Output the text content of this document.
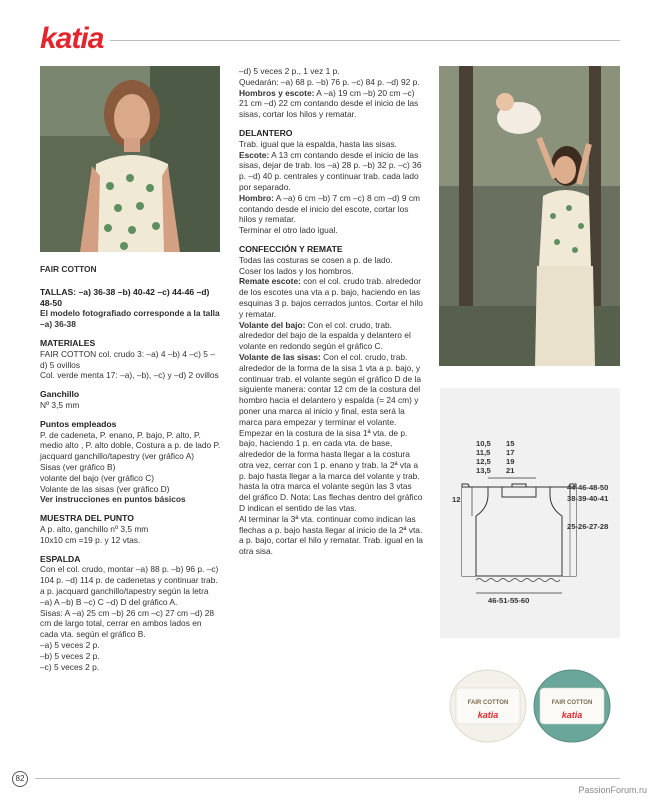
katia

FAIR COTTON

TALLAS: –a) 36-38 –b) 40-42 –c) 44-46 –d) 48-50

El modelo fotografiado corresponde a la talla –a) 36-38

MATERIALES

FAIR COTTON col. crudo 3: –a) 4 –b) 4 –c) 5 –d) 5 ovillos

Col. verde menta 17: –a), –b), –c) y –d) 2 ovillos

Ganchillo

Nº 3,5 mm

Puntos empleados

P. de cadeneta, P. enano, P. bajo, P. alto, P. medio alto , P. alto doble, Costura a p. de lado P. jacquard ganchillo/tapestry (ver gráfico A)

Sisas (ver gráfico B)

volante del bajo (ver gráfico C)

Volante de las sisas (ver gráfico D)

Ver instrucciones en puntos básicos

MUESTRA DEL PUNTO

A p. alto, ganchillo nº 3,5 mm

10x10 cm =19 p. y 12 vtas.

ESPALDA

Con el col. crudo, montar –a) 88 p. –b) 96 p. –c) 104 p. –d) 114 p. de cadenetas y continuar trab. a p. jacquard ganchillo/tapestry según la letra

–a) A –b) B –c) C –d) D del gráfico A.

Sisas: A –a) 25 cm –b) 26 cm –c) 27 cm –d) 28 cm de largo total, cerrar en ambos lados en cada vta. según el gráfico B.

–a) 5 veces 2 p.

–b) 5 veces 2 p.

–c) 5 veces 2 p.

–d) 5 veces 2 p., 1 vez 1 p.

Quedarán: –a) 68 p. –b) 76 p. –c) 84 p. –d) 92 p.

Hombros y escote: A –a) 19 cm –b) 20 cm –c) 21 cm –d) 22 cm contando desde el inicio de las sisas, cortar los hilos y rematar.

DELANTERO

Trab. igual que la espalda, hasta las sisas.

Escote: A 13 cm contando desde el inicio de las sisas, dejar de trab. los –a) 28 p. –b) 32 p. –c) 36 p. –d) 40 p. centrales y continuar trab. cada lado por separado.

Hombro: A –a) 6 cm –b) 7 cm –c) 8 cm –d) 9 cm contando desde el inicio del escote, cortar los hilos y rematar.

Terminar el otro lado igual.

CONFECCIÓN Y REMATE

Todas las costuras se cosen a p. de lado.

Coser los lados y los hombros.

Remate escote: con el col. crudo trab. alrededor de los escotes una vta a p. bajo, haciendo en las esquinas 3 p. bajos cerrados juntos. Cortar el hilo y rematar.

Volante del bajo: Con el col. crudo, trab. alrededor del bajo de la espalda y delantero el volante en redondo según el gráfico C.

Volante de las sisas: Con el col. crudo, trab. alrededor de la forma de la sisa 1 vta a p. bajo, y continuar trab. el volante según el gráfico D de la siguiente manera: contar 12 cm de la costura del hombro hacia el delantero y espalda (= 24 cm) y poner una marca al inicio y final, esta será la marca para empezar y terminar el volante.

Empezar en la costura de la sisa 1ª vta. de p. bajo, haciendo 1 p. en cada vta. de base, alrededor de la forma hasta llegar a la costura otra vez, cerrar con 1 p. enano y trab. la 2ª vta a p. bajo hasta llegar a la marca del volante y trab. hasta la otra marca el volante según las 3 vtas del gráfico D. Nota: Las flechas dentro del gráfico D indican el sentido de las vtas.

Al terminar la 3ª vta. continuar como indican las flechas a p. bajo hasta llegar al inicio de la 2ª vta. a p. bajo, cortar el hilo y rematar. Trab. igual en la otra sisa.

10,5
11,5
12,5
13,5
15
17
19
21
12
44-46-48-50
38-39-40-41
25-26-27-28
46-51-55-60
FAIR COTTON
katia
FAIR COTTON
katia
82
PassionForum.ru
